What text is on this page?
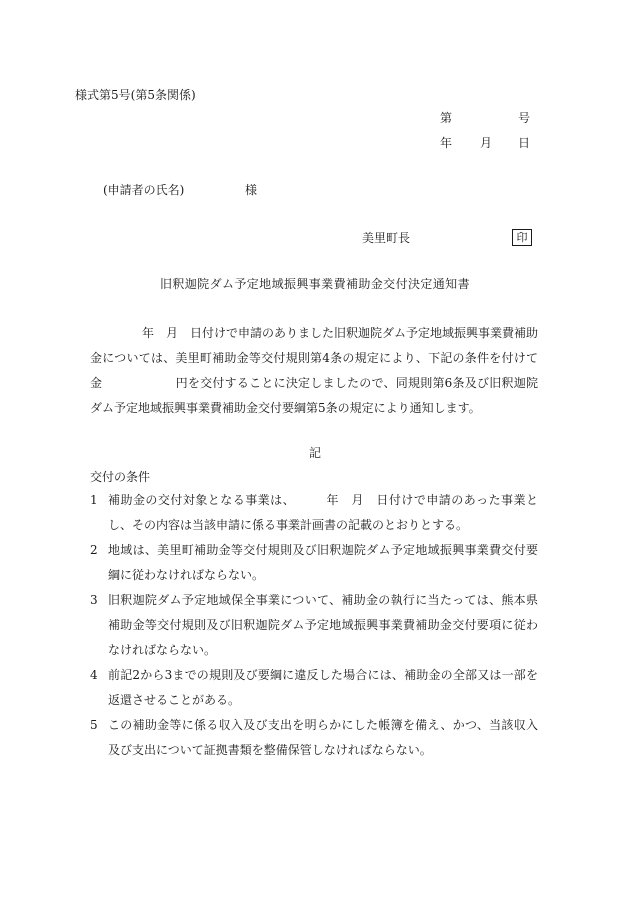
様式第5号(第5条関係)
第	号
年 月 日
(申請者の氏名)	様
美里町長	印
旧釈迦院ダム予定地域振興事業費補助金交付決定通知書
年　月　日付けで申請のありました旧釈迦院ダム予定地域振興事業費補助金については、美里町補助金等交付規則第4条の規定により、下記の条件を付けて金　　　　　　円を交付することに決定しましたので、同規則第6条及び旧釈迦院ダム予定地域振興事業費補助金交付要綱第5条の規定により通知します。
記
交付の条件
1 補助金の交付対象となる事業は、　　　年　月　日付けで申請のあった事業とし、その内容は当該申請に係る事業計画書の記載のとおりとする。
2 地域は、美里町補助金等交付規則及び旧釈迦院ダム予定地域振興事業費交付要綱に従わなければならない。
3 旧釈迦院ダム予定地域保全事業について、補助金の執行に当たっては、熊本県補助金等交付規則及び旧釈迦院ダム予定地域振興事業費補助金交付要項に従わなければならない。
4 前記2から3までの規則及び要綱に違反した場合には、補助金の全部又は一部を返還させることがある。
5 この補助金等に係る収入及び支出を明らかにした帳簿を備え、かつ、当該収入及び支出について証拠書類を整備保管しなければならない。
